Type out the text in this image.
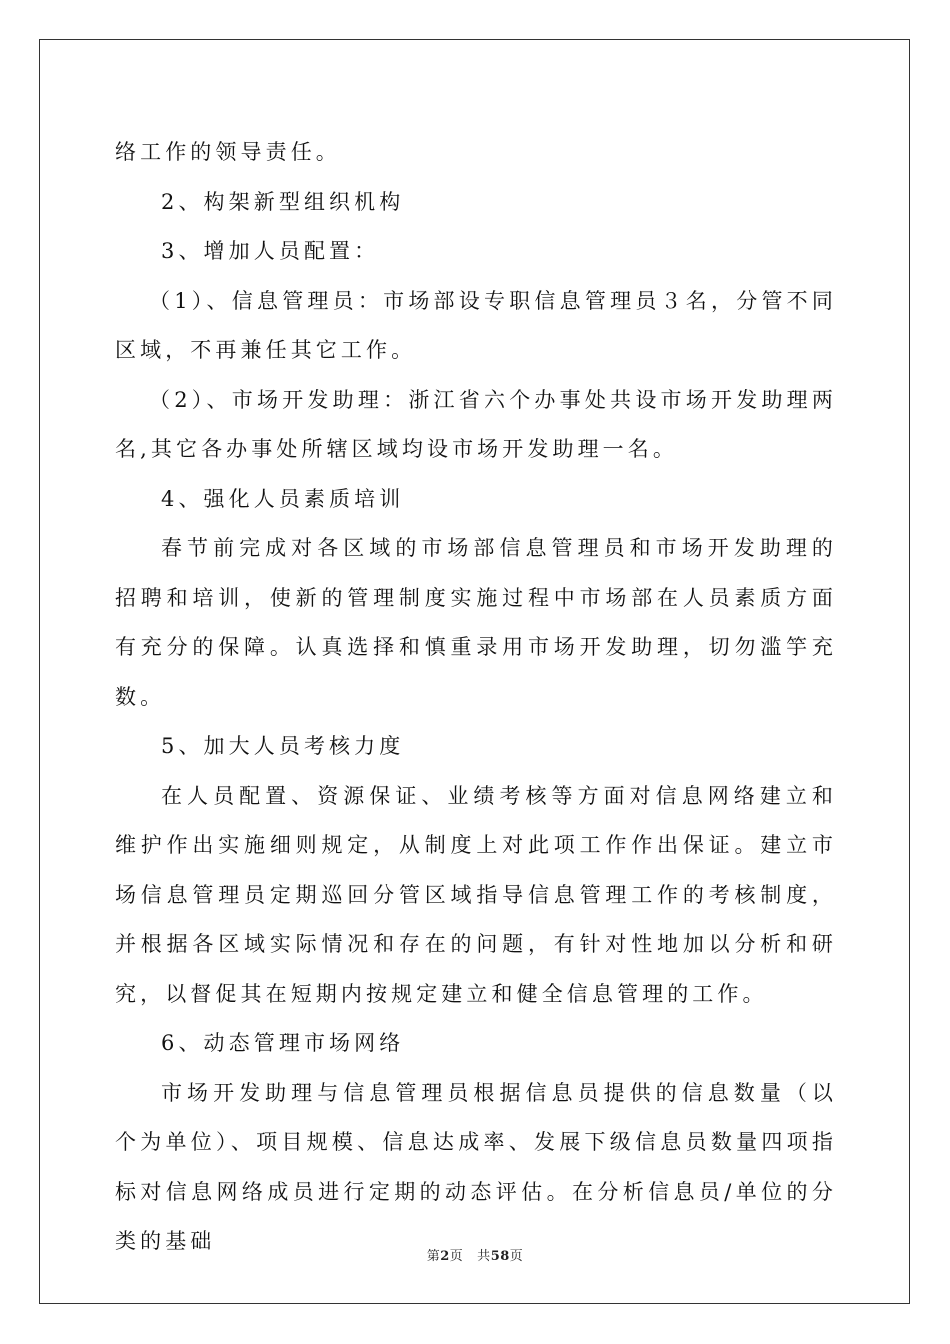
络工作的领导责任。

2、构架新型组织机构

3、增加人员配置：

（1）、信息管理员：市场部设专职信息管理员３名，分管不同区域，不再兼任其它工作。

（2）、市场开发助理：浙江省六个办事处共设市场开发助理两名,其它各办事处所辖区域均设市场开发助理一名。

4、强化人员素质培训

春节前完成对各区域的市场部信息管理员和市场开发助理的招聘和培训，使新的管理制度实施过程中市场部在人员素质方面有充分的保障。认真选择和慎重录用市场开发助理，切勿滥竽充数。

5、加大人员考核力度

在人员配置、资源保证、业绩考核等方面对信息网络建立和维护作出实施细则规定，从制度上对此项工作作出保证。建立市场信息管理员定期巡回分管区域指导信息管理工作的考核制度，并根据各区域实际情况和存在的问题，有针对性地加以分析和研究，以督促其在短期内按规定建立和健全信息管理的工作。

6、动态管理市场网络

市场开发助理与信息管理员根据信息员提供的信息数量（以个为单位）、项目规模、信息达成率、发展下级信息员数量四项指标对信息网络成员进行定期的动态评估。在分析信息员/单位的分类的基础

第2页 共58页
